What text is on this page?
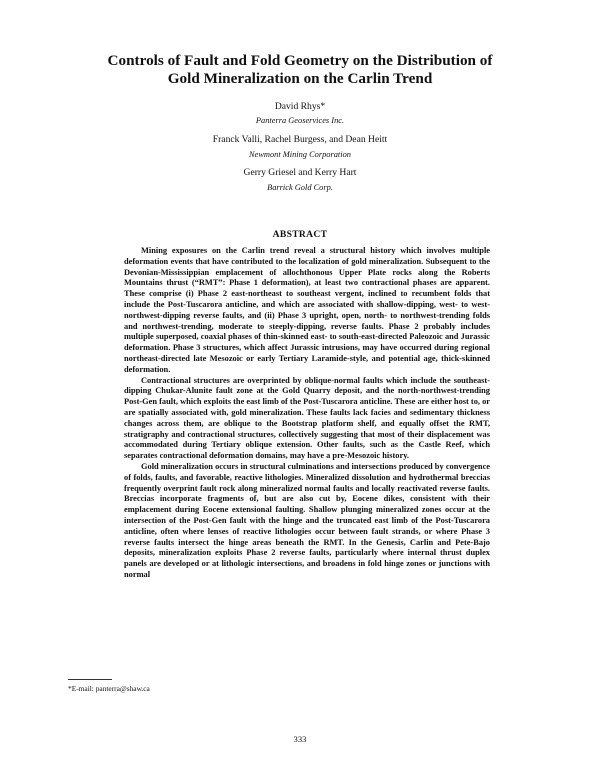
Controls of Fault and Fold Geometry on the Distribution of
Gold Mineralization on the Carlin Trend
David Rhys*
Panterra Geoservices Inc.
Franck Valli, Rachel Burgess, and Dean Heitt
Newmont Mining Corporation
Gerry Griesel and Kerry Hart
Barrick Gold Corp.
ABSTRACT

Mining exposures on the Carlin trend reveal a structural history which involves multiple deformation events that have contributed to the localization of gold mineralization. Subsequent to the Devonian-Mississippian emplacement of allochthonous Upper Plate rocks along the Roberts Mountains thrust (“RMT”: Phase 1 deformation), at least two contractional phases are apparent. These comprise (i) Phase 2 east-northeast to southeast vergent, inclined to recumbent folds that include the Post-Tuscarora anticline, and which are associated with shallow-dipping, west- to west-northwest-dipping reverse faults, and (ii) Phase 3 upright, open, north- to northwest-trending folds and northwest-trending, moderate to steeply-dipping, reverse faults. Phase 2 probably includes multiple superposed, coaxial phases of thin-skinned east- to south-east-directed Paleozoic and Jurassic deformation. Phase 3 structures, which affect Jurassic intrusions, may have occurred during regional northeast-directed late Mesozoic or early Tertiary Laramide-style, and potential age, thick-skinned deformation.

Contractional structures are overprinted by oblique-normal faults which include the southeast-dipping Chukar-Alunite fault zone at the Gold Quarry deposit, and the north-northwest-trending Post-Gen fault, which exploits the east limb of the Post-Tuscarora anticline. These are either host to, or are spatially associated with, gold mineralization. These faults lack facies and sedimentary thickness changes across them, are oblique to the Bootstrap platform shelf, and equally offset the RMT, stratigraphy and contractional structures, collectively suggesting that most of their displacement was accommodated during Tertiary oblique extension. Other faults, such as the Castle Reef, which separates contractional deformation domains, may have a pre-Mesozoic history.

Gold mineralization occurs in structural culminations and intersections produced by convergence of folds, faults, and favorable, reactive lithologies. Mineralized dissolution and hydrothermal breccias frequently overprint fault rock along mineralized normal faults and locally reactivated reverse faults. Breccias incorporate fragments of, but are also cut by, Eocene dikes, consistent with their emplacement during Eocene extensional faulting. Shallow plunging mineralized zones occur at the intersection of the Post-Gen fault with the hinge and the truncated east limb of the Post-Tuscarora anticline, often where lenses of reactive lithologies occur between fault strands, or where Phase 3 reverse faults intersect the hinge areas beneath the RMT. In the Genesis, Carlin and Pete-Bajo deposits, mineralization exploits Phase 2 reverse faults, particularly where internal thrust duplex panels are developed or at lithologic intersections, and broadens in fold hinge zones or junctions with normal

*E-mail: panterra@shaw.ca
333
